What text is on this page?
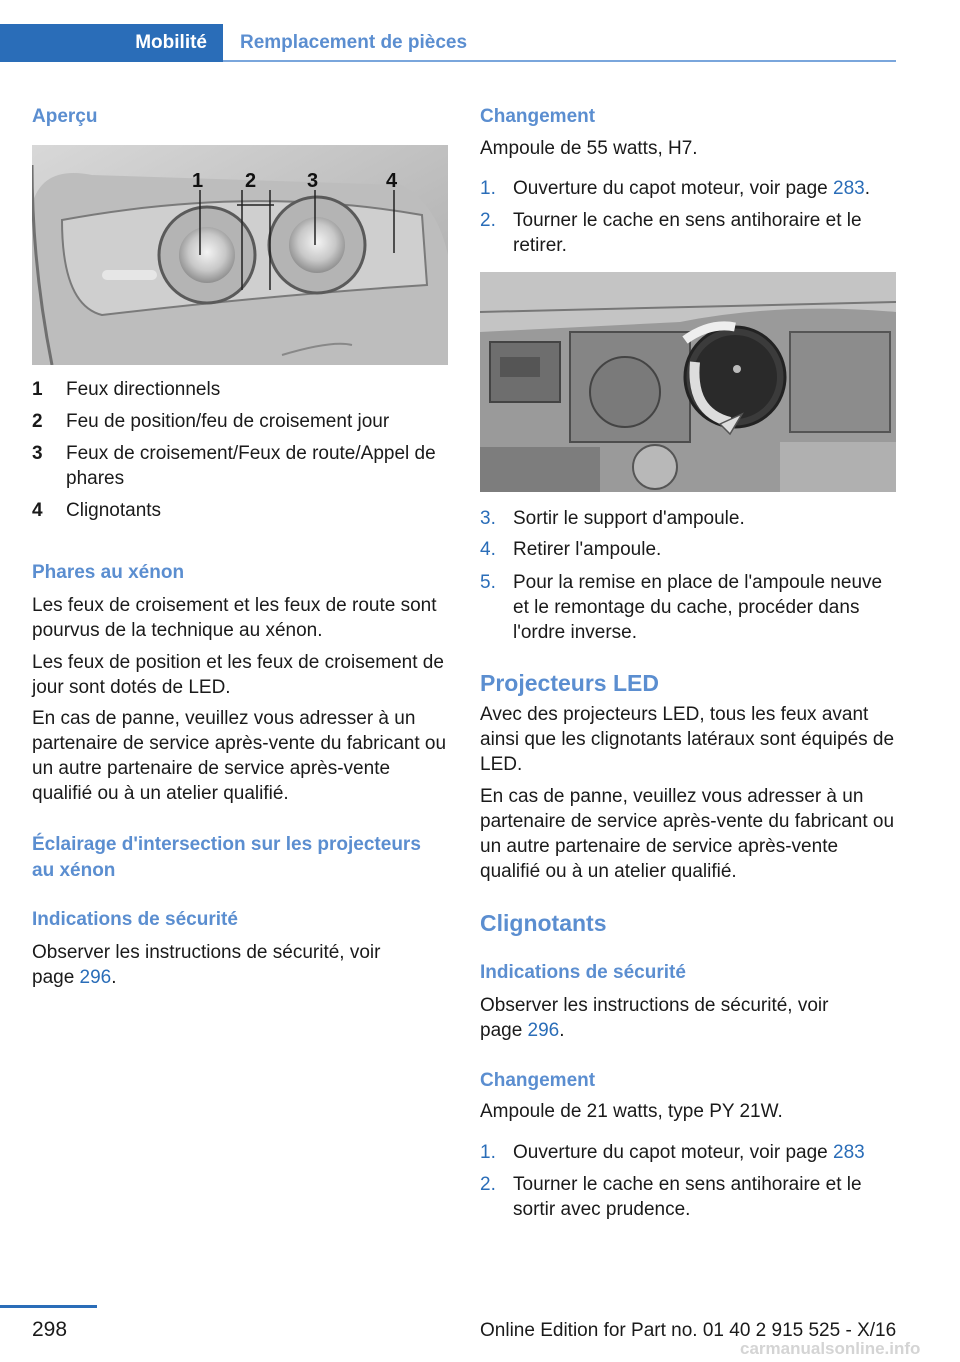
Mobilité	Remplacement de pièces
Aperçu
1 2	3	4
1	Feux directionnels
2	Feu de position/feu de croisement jour
3	Feux de croisement/Feux de route/Appel de phares
4	Clignotants
Phares au xénon
Les feux de croisement et les feux de route sont pourvus de la technique au xénon.
Les feux de position et les feux de croisement de jour sont dotés de LED.
En cas de panne, veuillez vous adresser à un partenaire de service après-vente du fabricant ou un autre partenaire de service après-vente qualifié ou à un atelier qualifié.
Éclairage d'intersection sur les projecteurs au xénon
Indications de sécurité
Observer les instructions de sécurité, voir page 296.
Changement
Ampoule de 55 watts, H7.
1. Ouverture du capot moteur, voir page 283.
2. Tourner le cache en sens antihoraire et le retirer.
3. Sortir le support d'ampoule.
4. Retirer l'ampoule.
5. Pour la remise en place de l'ampoule neuve et le remontage du cache, procéder dans l'ordre inverse.
Projecteurs LED
Avec des projecteurs LED, tous les feux avant ainsi que les clignotants latéraux sont équipés de LED.
En cas de panne, veuillez vous adresser à un partenaire de service après-vente du fabricant ou un autre partenaire de service après-vente qualifié ou à un atelier qualifié.
Clignotants
Indications de sécurité
Observer les instructions de sécurité, voir page 296.
Changement
Ampoule de 21 watts, type PY 21W.
1. Ouverture du capot moteur, voir page 283
2. Tourner le cache en sens antihoraire et le sortir avec prudence.
298	Online Edition for Part no. 01 40 2 915 525 - X/16
carmanualsonline.info
